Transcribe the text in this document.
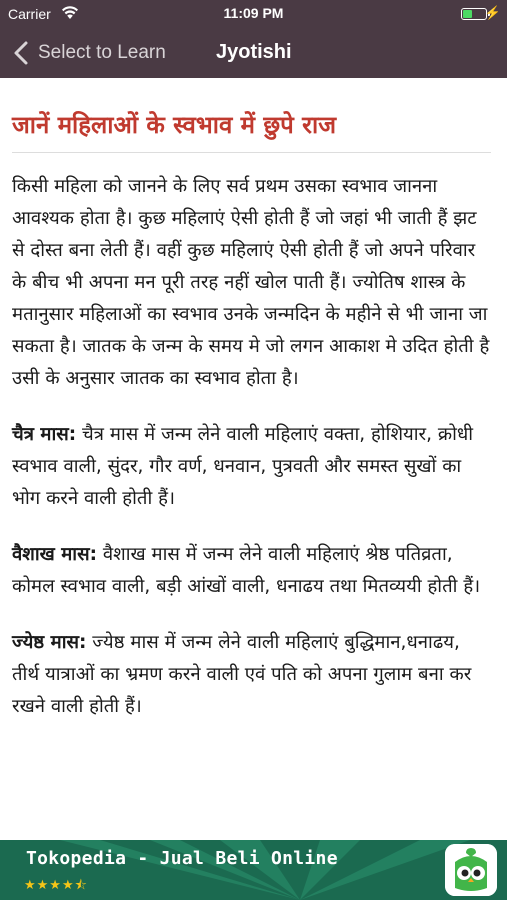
Carrier	11:09 PM	⚡
Select to Learn	Jyotishi
जानें महिलाओं के स्वभाव में छुपे राज

किसी महिला को जानने के लिए सर्व प्रथम उसका स्वभाव जानना आवश्यक होता है। कुछ महिलाएं ऐसी होती हैं जो जहां भी जाती हैं झट से दोस्त बना लेती हैं। वहीं कुछ महिलाएं ऐसी होती हैं जो अपने परिवार के बीच भी अपना मन पूरी तरह नहीं खोल पाती हैं। ज्योतिष शास्त्र के मतानुसार महिलाओं का स्वभाव उनके जन्मदिन के महीने से भी जाना जा सकता है। जातक के जन्म के समय मे जो लगन आकाश मे उदित होती है उसी के अनुसार जातक का स्वभाव होता है।

चैत्र मास: चैत्र मास में जन्म लेने वाली महिलाएं वक्ता, होशियार, क्रोधी स्वभाव वाली, सुंदर, गौर वर्ण, धनवान, पुत्रवती और समस्त सुखों का भोग करने वाली होती हैं।

वैशाख मास: वैशाख मास में जन्म लेने वाली महिलाएं श्रेष्ठ पतिव्रता, कोमल स्वभाव वाली, बड़ी आंखों वाली, धनाढय तथा मितव्ययी होती हैं।

ज्येष्ठ मास: ज्येष्ठ मास में जन्म लेने वाली महिलाएं बुद्धिमान,धनाढय, तीर्थ यात्राओं का भ्रमण करने वाली एवं पति को अपना गुलाम बना कर रखने वाली होती हैं।

Tokopedia - Jual Beli Online
★★★★⯪
